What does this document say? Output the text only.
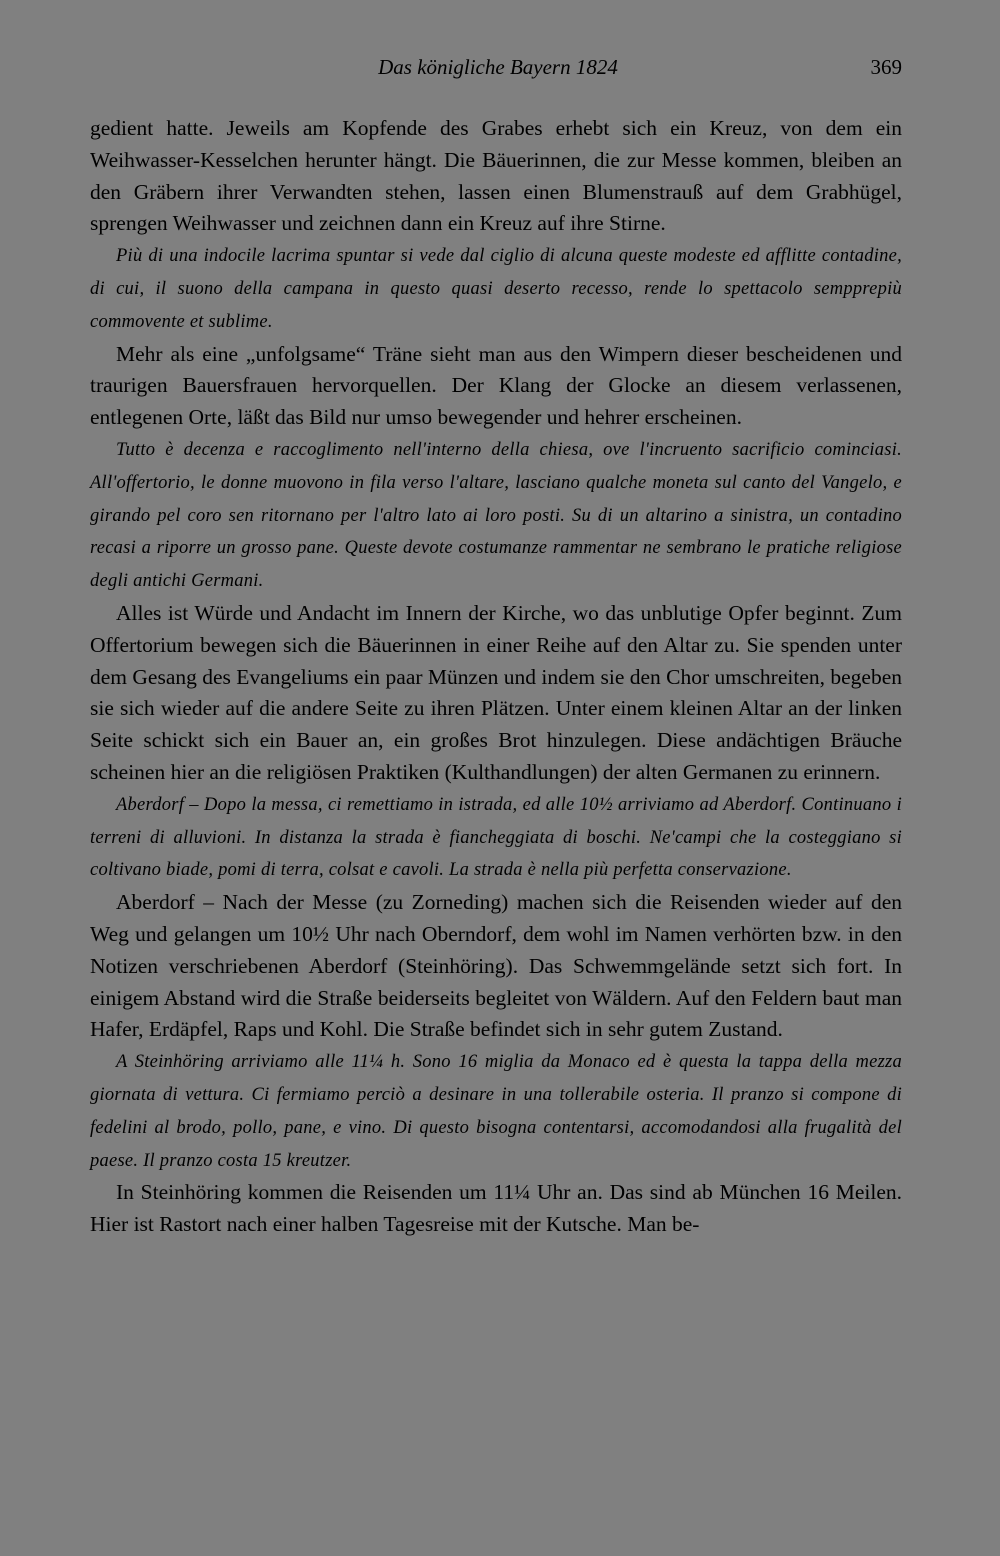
Das königliche Bayern 1824	369

gedient hatte. Jeweils am Kopfende des Grabes erhebt sich ein Kreuz, von dem ein Weihwasser-Kesselchen herunter hängt. Die Bäuerinnen, die zur Messe kommen, bleiben an den Gräbern ihrer Verwandten stehen, lassen einen Blumenstrauß auf dem Grabhügel, sprengen Weihwasser und zeichnen dann ein Kreuz auf ihre Stirne.

Più di una indocile lacrima spuntar si vede dal ciglio di alcuna queste modeste ed afflitte contadine, di cui, il suono della campana in questo quasi deserto recesso, rende lo spettacolo sempprepiù commovente et sublime.

Mehr als eine „unfolgsame“ Träne sieht man aus den Wimpern dieser bescheidenen und traurigen Bauersfrauen hervorquellen. Der Klang der Glocke an diesem verlassenen, entlegenen Orte, läßt das Bild nur umso bewegender und hehrer erscheinen.

Tutto è decenza e raccoglimento nell'interno della chiesa, ove l'incruento sacrificio cominciasi. All'offertorio, le donne muovono in fila verso l'altare, lasciano qualche moneta sul canto del Vangelo, e girando pel coro sen ritornano per l'altro lato ai loro posti. Su di un altarino a sinistra, un contadino recasi a riporre un grosso pane. Queste devote costumanze rammentar ne sembrano le pratiche religiose degli antichi Germani.

Alles ist Würde und Andacht im Innern der Kirche, wo das unblutige Opfer beginnt. Zum Offertorium bewegen sich die Bäuerinnen in einer Reihe auf den Altar zu. Sie spenden unter dem Gesang des Evangeliums ein paar Münzen und indem sie den Chor umschreiten, begeben sie sich wieder auf die andere Seite zu ihren Plätzen. Unter einem kleinen Altar an der linken Seite schickt sich ein Bauer an, ein großes Brot hinzulegen. Diese andächtigen Bräuche scheinen hier an die religiösen Praktiken (Kulthandlungen) der alten Germanen zu erinnern.

Aberdorf – Dopo la messa, ci remettiamo in istrada, ed alle 10½ arriviamo ad Aberdorf. Continuano i terreni di alluvioni. In distanza la strada è fiancheggiata di boschi. Ne'campi che la costeggiano si coltivano biade, pomi di terra, colsat e cavoli. La strada è nella più perfetta conservazione.

Aberdorf – Nach der Messe (zu Zorneding) machen sich die Reisenden wieder auf den Weg und gelangen um 10½ Uhr nach Oberndorf, dem wohl im Namen verhörten bzw. in den Notizen verschriebenen Aberdorf (Steinhöring). Das Schwemmgelände setzt sich fort. In einigem Abstand wird die Straße beiderseits begleitet von Wäldern. Auf den Feldern baut man Hafer, Erdäpfel, Raps und Kohl. Die Straße befindet sich in sehr gutem Zustand.

A Steinhöring arriviamo alle 11¼ h. Sono 16 miglia da Monaco ed è questa la tappa della mezza giornata di vettura. Ci fermiamo perciò a desinare in una tollerabile osteria. Il pranzo si compone di fedelini al brodo, pollo, pane, e vino. Di questo bisogna contentarsi, accomodandosi alla frugalità del paese. Il pranzo costa 15 kreutzer.

In Steinhöring kommen die Reisenden um 11¼ Uhr an. Das sind ab München 16 Meilen. Hier ist Rastort nach einer halben Tagesreise mit der Kutsche. Man be-
